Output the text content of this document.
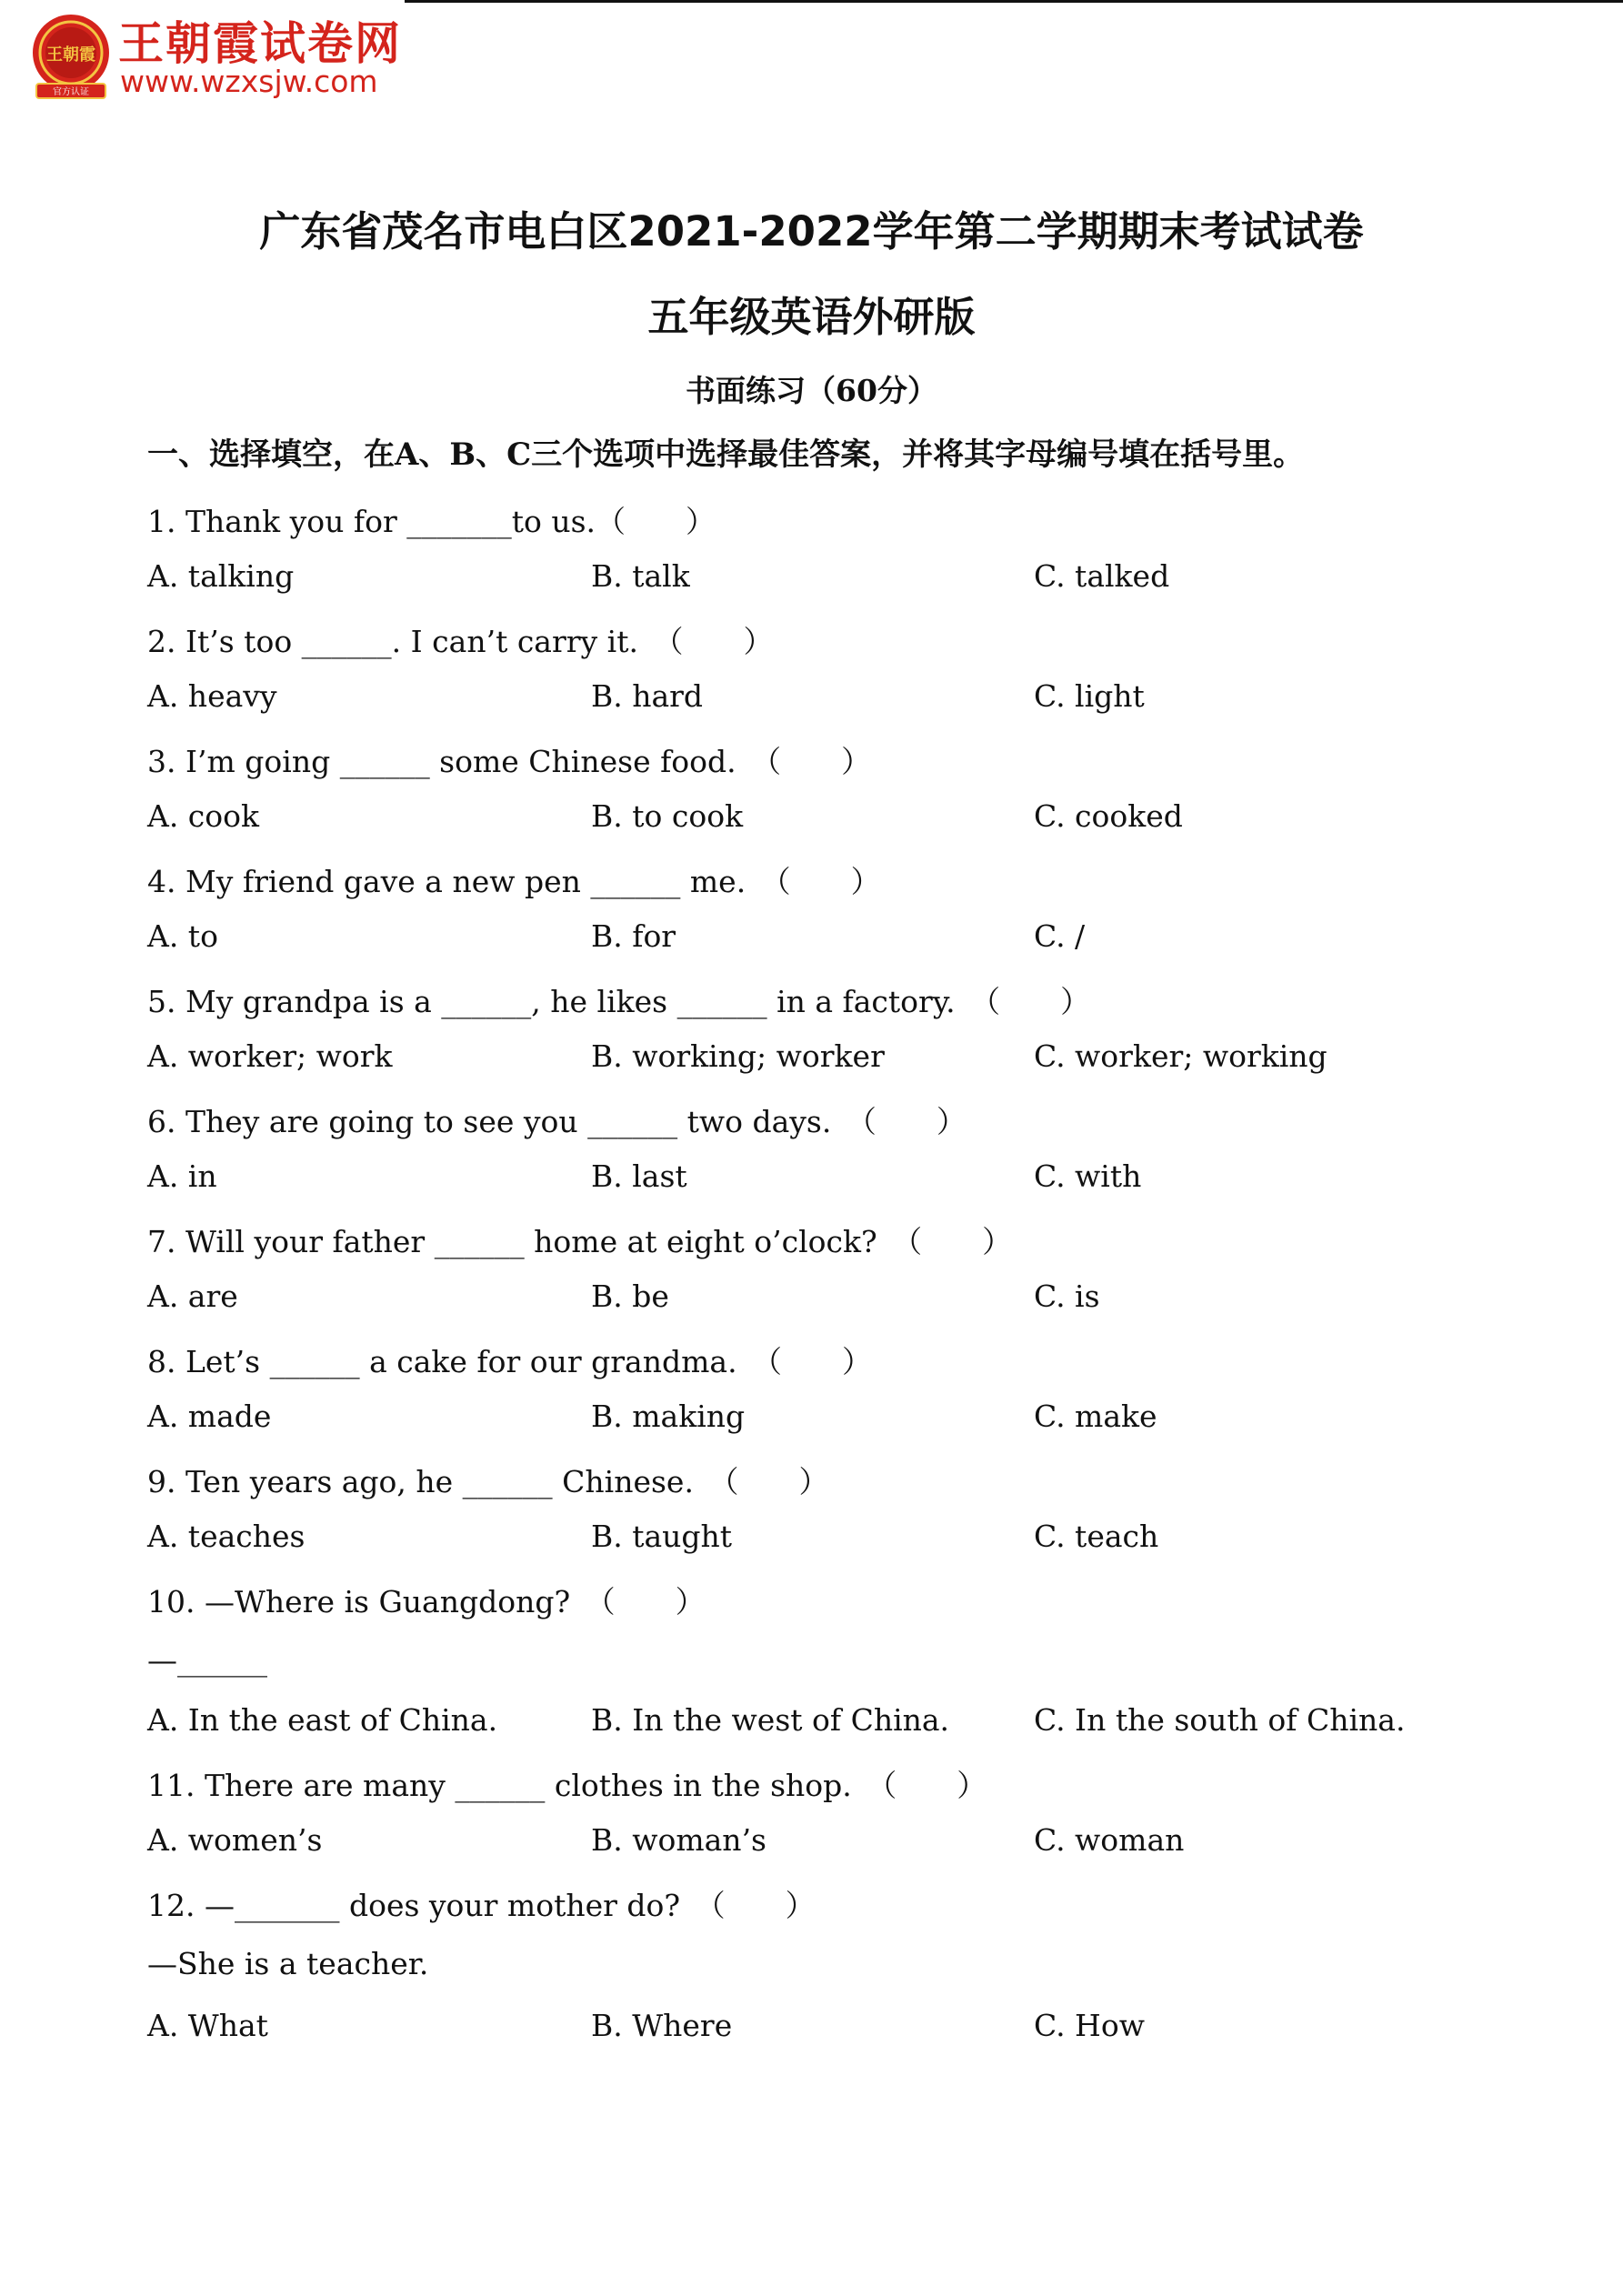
王朝霞
官方认证
王朝霞试卷网
www.wzxsjw.com
广东省茂名市电白区2021-2022学年第二学期期末考试试卷
五年级英语外研版
书面练习（60分）
一、选择填空，在A、B、C三个选项中选择最佳答案，并将其字母编号填在括号里。
1. Thank you for _______to us.（　　）
A. talking	B. talk	C. talked
2. It’s too ______. I can’t carry it.　（　　）
A. heavy	B. hard	C. light
3. I’m going ______ some Chinese food.　（　　）
A. cook	B. to cook	C. cooked
4. My friend gave a new pen ______ me.　（　　）
A. to	B. for	C. /
5. My grandpa is a ______, he likes ______ in a factory.　（　　）
A. worker; work	B. working; worker	C. worker; working
6. They are going to see you ______ two days.　（　　）
A. in	B. last	C. with
7. Will your father ______ home at eight o’clock?　（　　）
A. are	B. be	C. is
8. Let’s ______ a cake for our grandma.　（　　）
A. made	B. making	C. make
9. Ten years ago, he ______ Chinese.　（　　）
A. teaches	B. taught	C. teach
10. —Where is Guangdong?　（　　）
—______
A. In the east of China.	B. In the west of China.	C. In the south of China.
11. There are many ______ clothes in the shop.　（　　）
A. women’s	B. woman’s	C. woman
12. —_______ does your mother do?　（　　）
—She is a teacher.
A. What	B. Where	C. How
